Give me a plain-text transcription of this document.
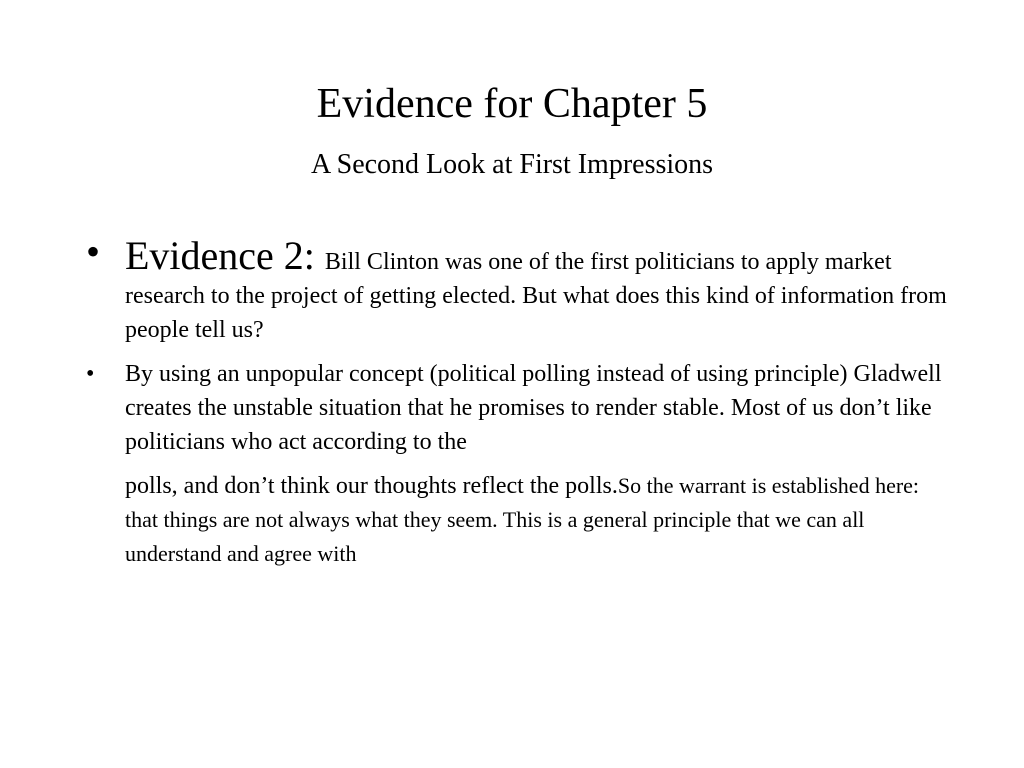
Evidence for Chapter 5
A Second Look at First Impressions
• Evidence 2: Bill Clinton was one of the first politicians to apply market research to the project of getting elected. But what does this kind of information from people tell us?
• By using an unpopular concept (political polling instead of using principle) Gladwell creates the unstable situation that he promises to render stable. Most of us don’t like politicians who act according to the polls, and don’t think our thoughts reflect the polls.So the warrant is established here: that things are not always what they seem. This is a general principle that we can all understand and agree with
